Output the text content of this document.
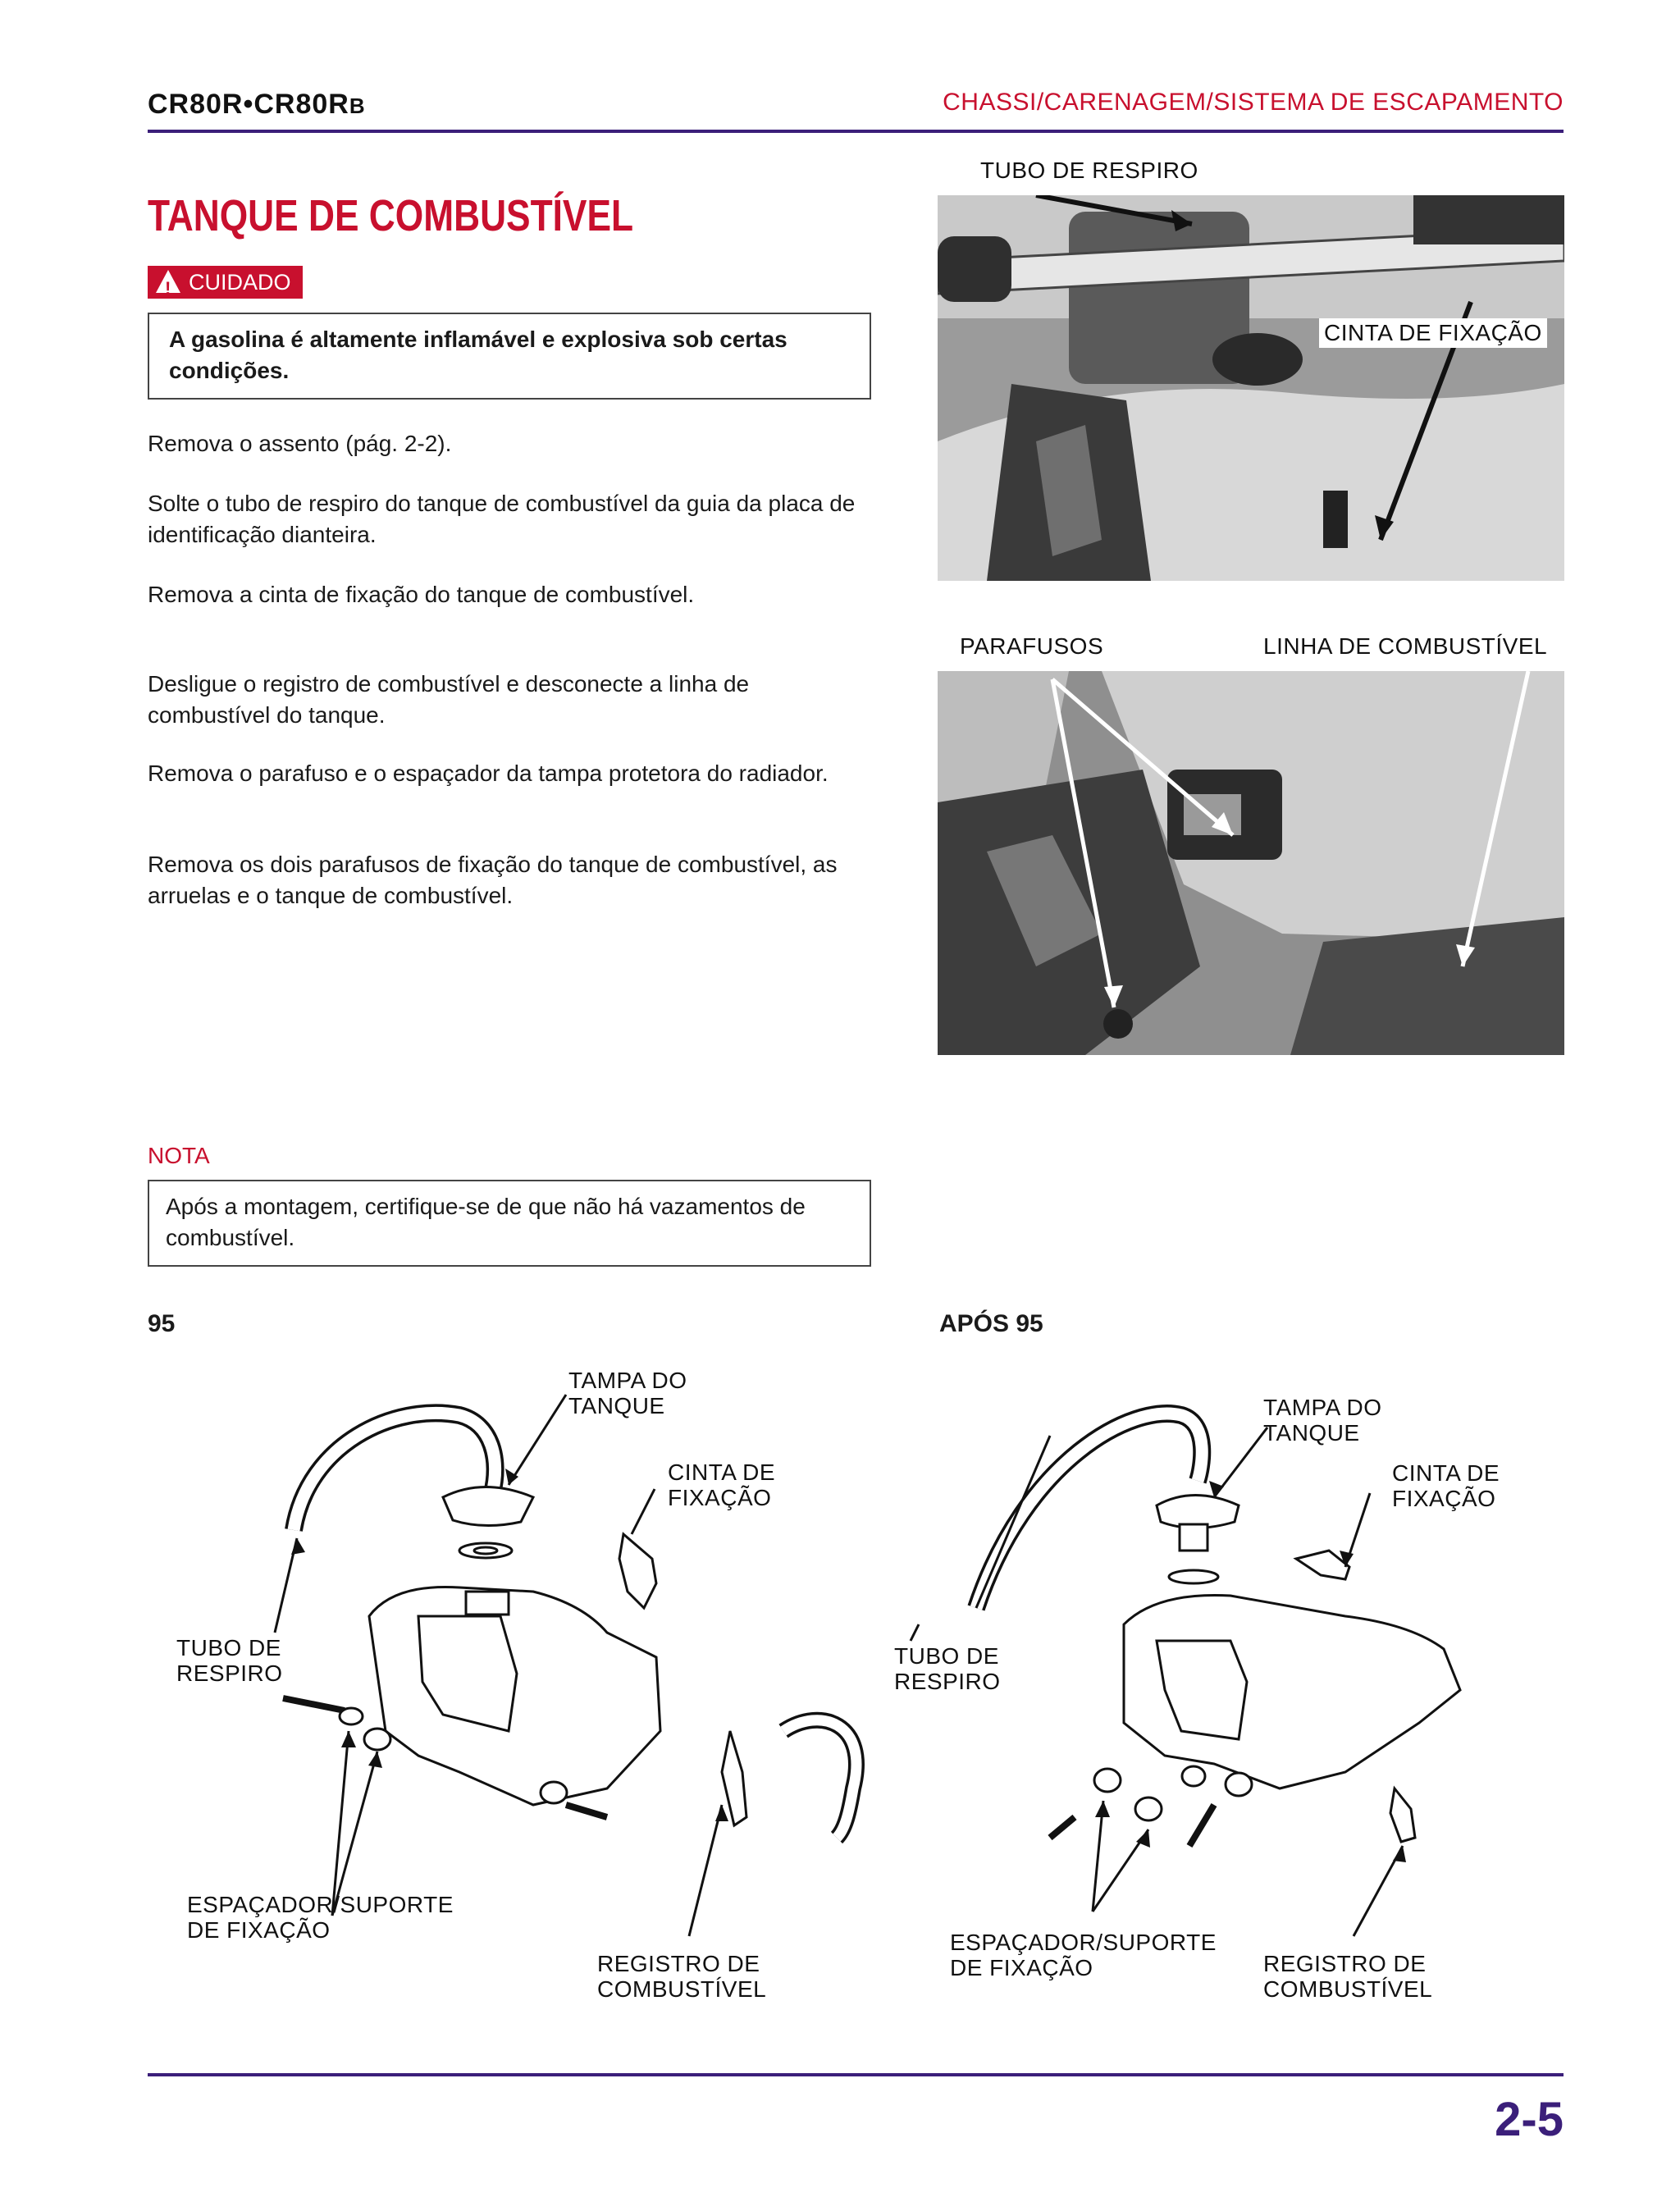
CR80R•CR80RB	CHASSI/CARENAGEM/SISTEMA DE ESCAPAMENTO
TANQUE DE COMBUSTÍVEL
!CUIDADO
A gasolina é altamente inflamável e explosiva sob certas condições.
Remova o assento (pág. 2-2).
Solte o tubo de respiro do tanque de combustível da guia da placa de identificação dianteira.
Remova a cinta de fixação do tanque de combustível.
Desligue o registro de combustível e desconecte a linha de combustível do tanque.
Remova o parafuso e o espaçador da tampa protetora do radiador.
Remova os dois parafusos de fixação do tanque de combustível, as arruelas e o tanque de combustível.
TUBO DE RESPIRO
CINTA DE FIXAÇÃO
PARAFUSOS	LINHA DE COMBUSTÍVEL
NOTA
Após a montagem, certifique-se de que não há vazamentos de combustível.
95	APÓS 95
TAMPA DO
TANQUE
CINTA DE
FIXAÇÃO
TUBO DE
RESPIRO
ESPAÇADOR/SUPORTE
DE FIXAÇÃO
REGISTRO DE
COMBUSTÍVEL
TAMPA DO
TANQUE
CINTA DE
FIXAÇÃO
TUBO DE
RESPIRO
ESPAÇADOR/SUPORTE
DE FIXAÇÃO	REGISTRO DE
COMBUSTÍVEL
2-5
